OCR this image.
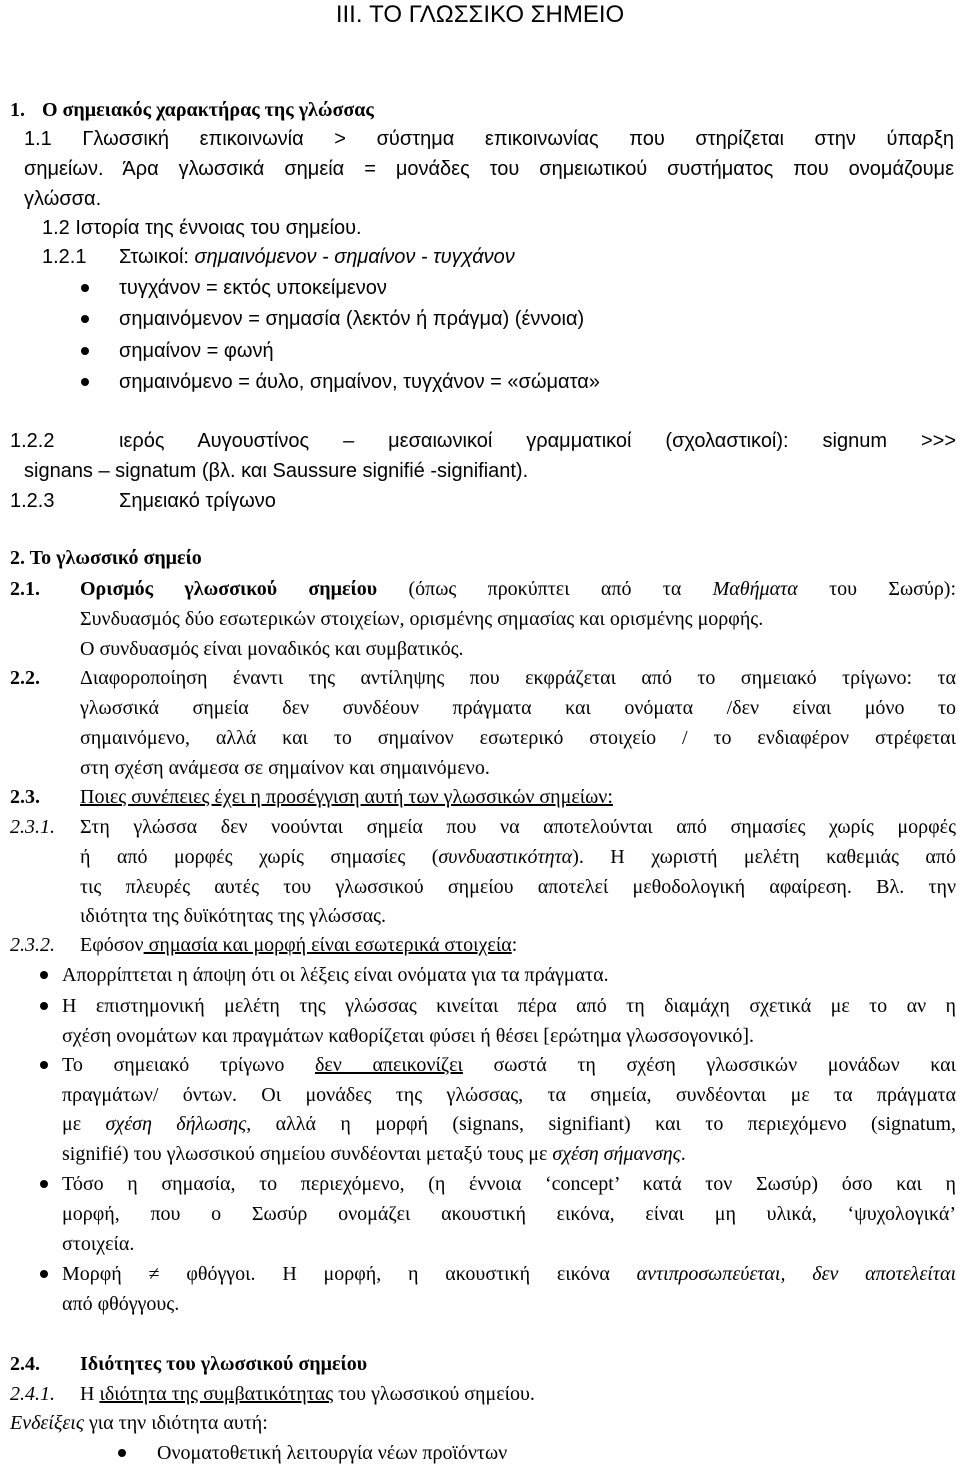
III. ΤΟ ΓΛΩΣΣΙΚΟ ΣΗΜΕΙΟ
1. Ο σημειακός χαρακτήρας της γλώσσας
1.1 Γλωσσική επικοινωνία > σύστημα επικοινωνίας που στηρίζεται στην ύπαρξη
σημείων. Άρα γλωσσικά σημεία = μονάδες του σημειωτικού συστήματος που ονομάζουμε
γλώσσα.
1.2 Ιστορία της έννοιας του σημείου.
1.2.1 Στωικοί: σημαινόμενον - σημαίνον - τυγχάνον
τυγχάνον = εκτός υποκείμενον
σημαινόμενον = σημασία (λεκτόν ή πράγμα) (έννοια)
σημαίνον = φωνή
σημαινόμενο = άυλο, σημαίνον, τυγχάνον = «σώματα»
1.2.2	ιερός Αυγουστίνος – μεσαιωνικοί γραμματικοί (σχολαστικοί): signum >>>
signans – signatum (βλ. και Saussure signifié -signifiant).
1.2.3	Σημειακό τρίγωνο
2. Το γλωσσικό σημείο
2.1. Ορισμός γλωσσικού σημείου (όπως προκύπτει από τα Μαθήματα του Σωσύρ):
Συνδυασμός δύο εσωτερικών στοιχείων, ορισμένης σημασίας και ορισμένης μορφής.
Ο συνδυασμός είναι μοναδικός και συμβατικός.
2.2. Διαφοροποίηση έναντι της αντίληψης που εκφράζεται από το σημειακό τρίγωνο: τα
γλωσσικά σημεία δεν συνδέουν πράγματα και ονόματα /δεν είναι μόνο το
σημαινόμενο, αλλά και το σημαίνον εσωτερικό στοιχείο / το ενδιαφέρον στρέφεται
στη σχέση ανάμεσα σε σημαίνον και σημαινόμενο.
2.3. Ποιες συνέπειες έχει η προσέγγιση αυτή των γλωσσικών σημείων:
2.3.1. Στη γλώσσα δεν νοούνται σημεία που να αποτελούνται από σημασίες χωρίς μορφές
ή από μορφές χωρίς σημασίες (συνδυαστικότητα). Η χωριστή μελέτη καθεμιάς από
τις πλευρές αυτές του γλωσσικού σημείου αποτελεί μεθοδολογική αφαίρεση. Βλ. την
ιδιότητα της δυϊκότητας της γλώσσας.
2.3.2. Εφόσον σημασία και μορφή είναι εσωτερικά στοιχεία:
Απορρίπτεται η άποψη ότι οι λέξεις είναι ονόματα για τα πράγματα.
Η επιστημονική μελέτη της γλώσσας κινείται πέρα από τη διαμάχη σχετικά με το αν η
σχέση ονομάτων και πραγμάτων καθορίζεται φύσει ή θέσει [ερώτημα γλωσσογονικό].
Το σημειακό τρίγωνο δεν απεικονίζει σωστά τη σχέση γλωσσικών μονάδων και
πραγμάτων/ όντων. Οι μονάδες της γλώσσας, τα σημεία, συνδέονται με τα πράγματα
με σχέση δήλωσης, αλλά η μορφή (signans, signifiant) και το περιεχόμενο (signatum,
signifié) του γλωσσικού σημείου συνδέονται μεταξύ τους με σχέση σήμανσης.
Τόσο η σημασία, το περιεχόμενο, (η έννοια ‘concept’ κατά τον Σωσύρ) όσο και η
μορφή, που ο Σωσύρ ονομάζει ακουστική εικόνα, είναι μη υλικά, ‘ψυχολογικά’
στοιχεία.
Μορφή ≠ φθόγγοι. Η μορφή, η ακουστική εικόνα αντιπροσωπεύεται, δεν αποτελείται
από φθόγγους.
2.4. Ιδιότητες του γλωσσικού σημείου
2.4.1. Η ιδιότητα της συμβατικότητας του γλωσσικού σημείου.
Ενδείξεις για την ιδιότητα αυτή:
Ονοματοθετική λειτουργία νέων προϊόντων
